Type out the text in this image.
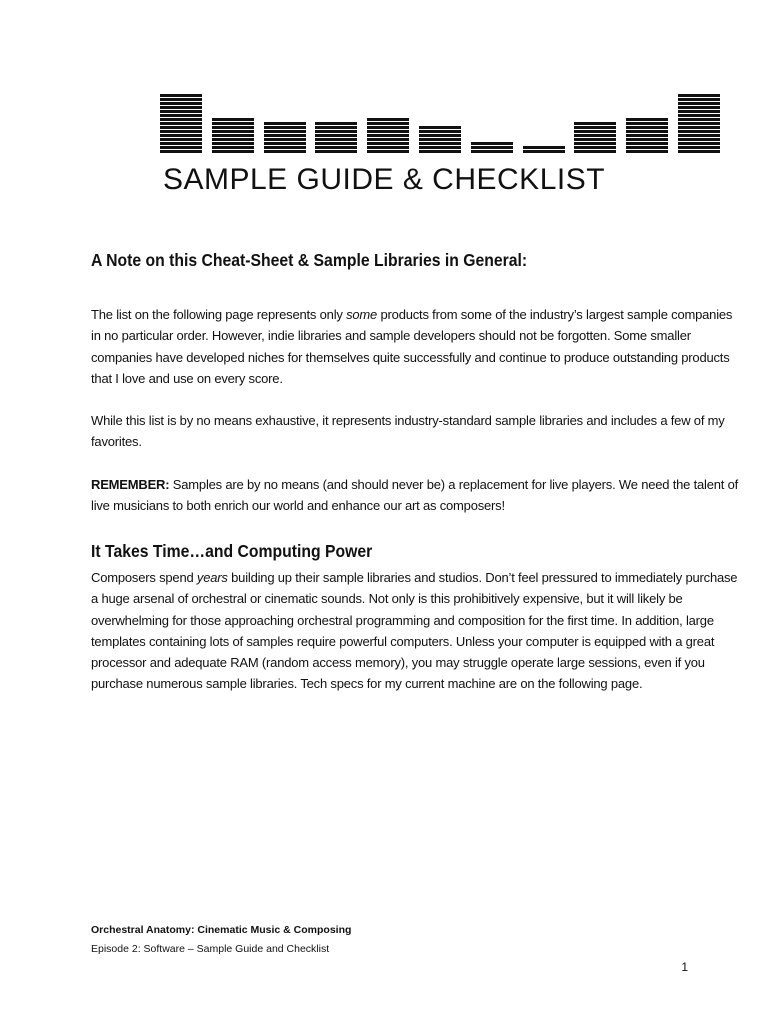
SAMPLE GUIDE & CHECKLIST
A Note on this Cheat-Sheet & Sample Libraries in General:

The list on the following page represents only some products from some of the industry’s largest sample companies in no particular order. However, indie libraries and sample developers should not be forgotten. Some smaller companies have developed niches for themselves quite successfully and continue to produce outstanding products that I love and use on every score.

While this list is by no means exhaustive, it represents industry-standard sample libraries and includes a few of my favorites.

REMEMBER: Samples are by no means (and should never be) a replacement for live players. We need the talent of live musicians to both enrich our world and enhance our art as composers!

It Takes Time…and Computing Power

Composers spend years building up their sample libraries and studios. Don’t feel pressured to immediately purchase a huge arsenal of orchestral or cinematic sounds. Not only is this prohibitively expensive, but it will likely be overwhelming for those approaching orchestral programming and composition for the first time. In addition, large templates containing lots of samples require powerful computers. Unless your computer is equipped with a great processor and adequate RAM (random access memory), you may struggle operate large sessions, even if you purchase numerous sample libraries. Tech specs for my current machine are on the following page.

Orchestral Anatomy: Cinematic Music & Composing
Episode 2: Software – Sample Guide and Checklist
1
